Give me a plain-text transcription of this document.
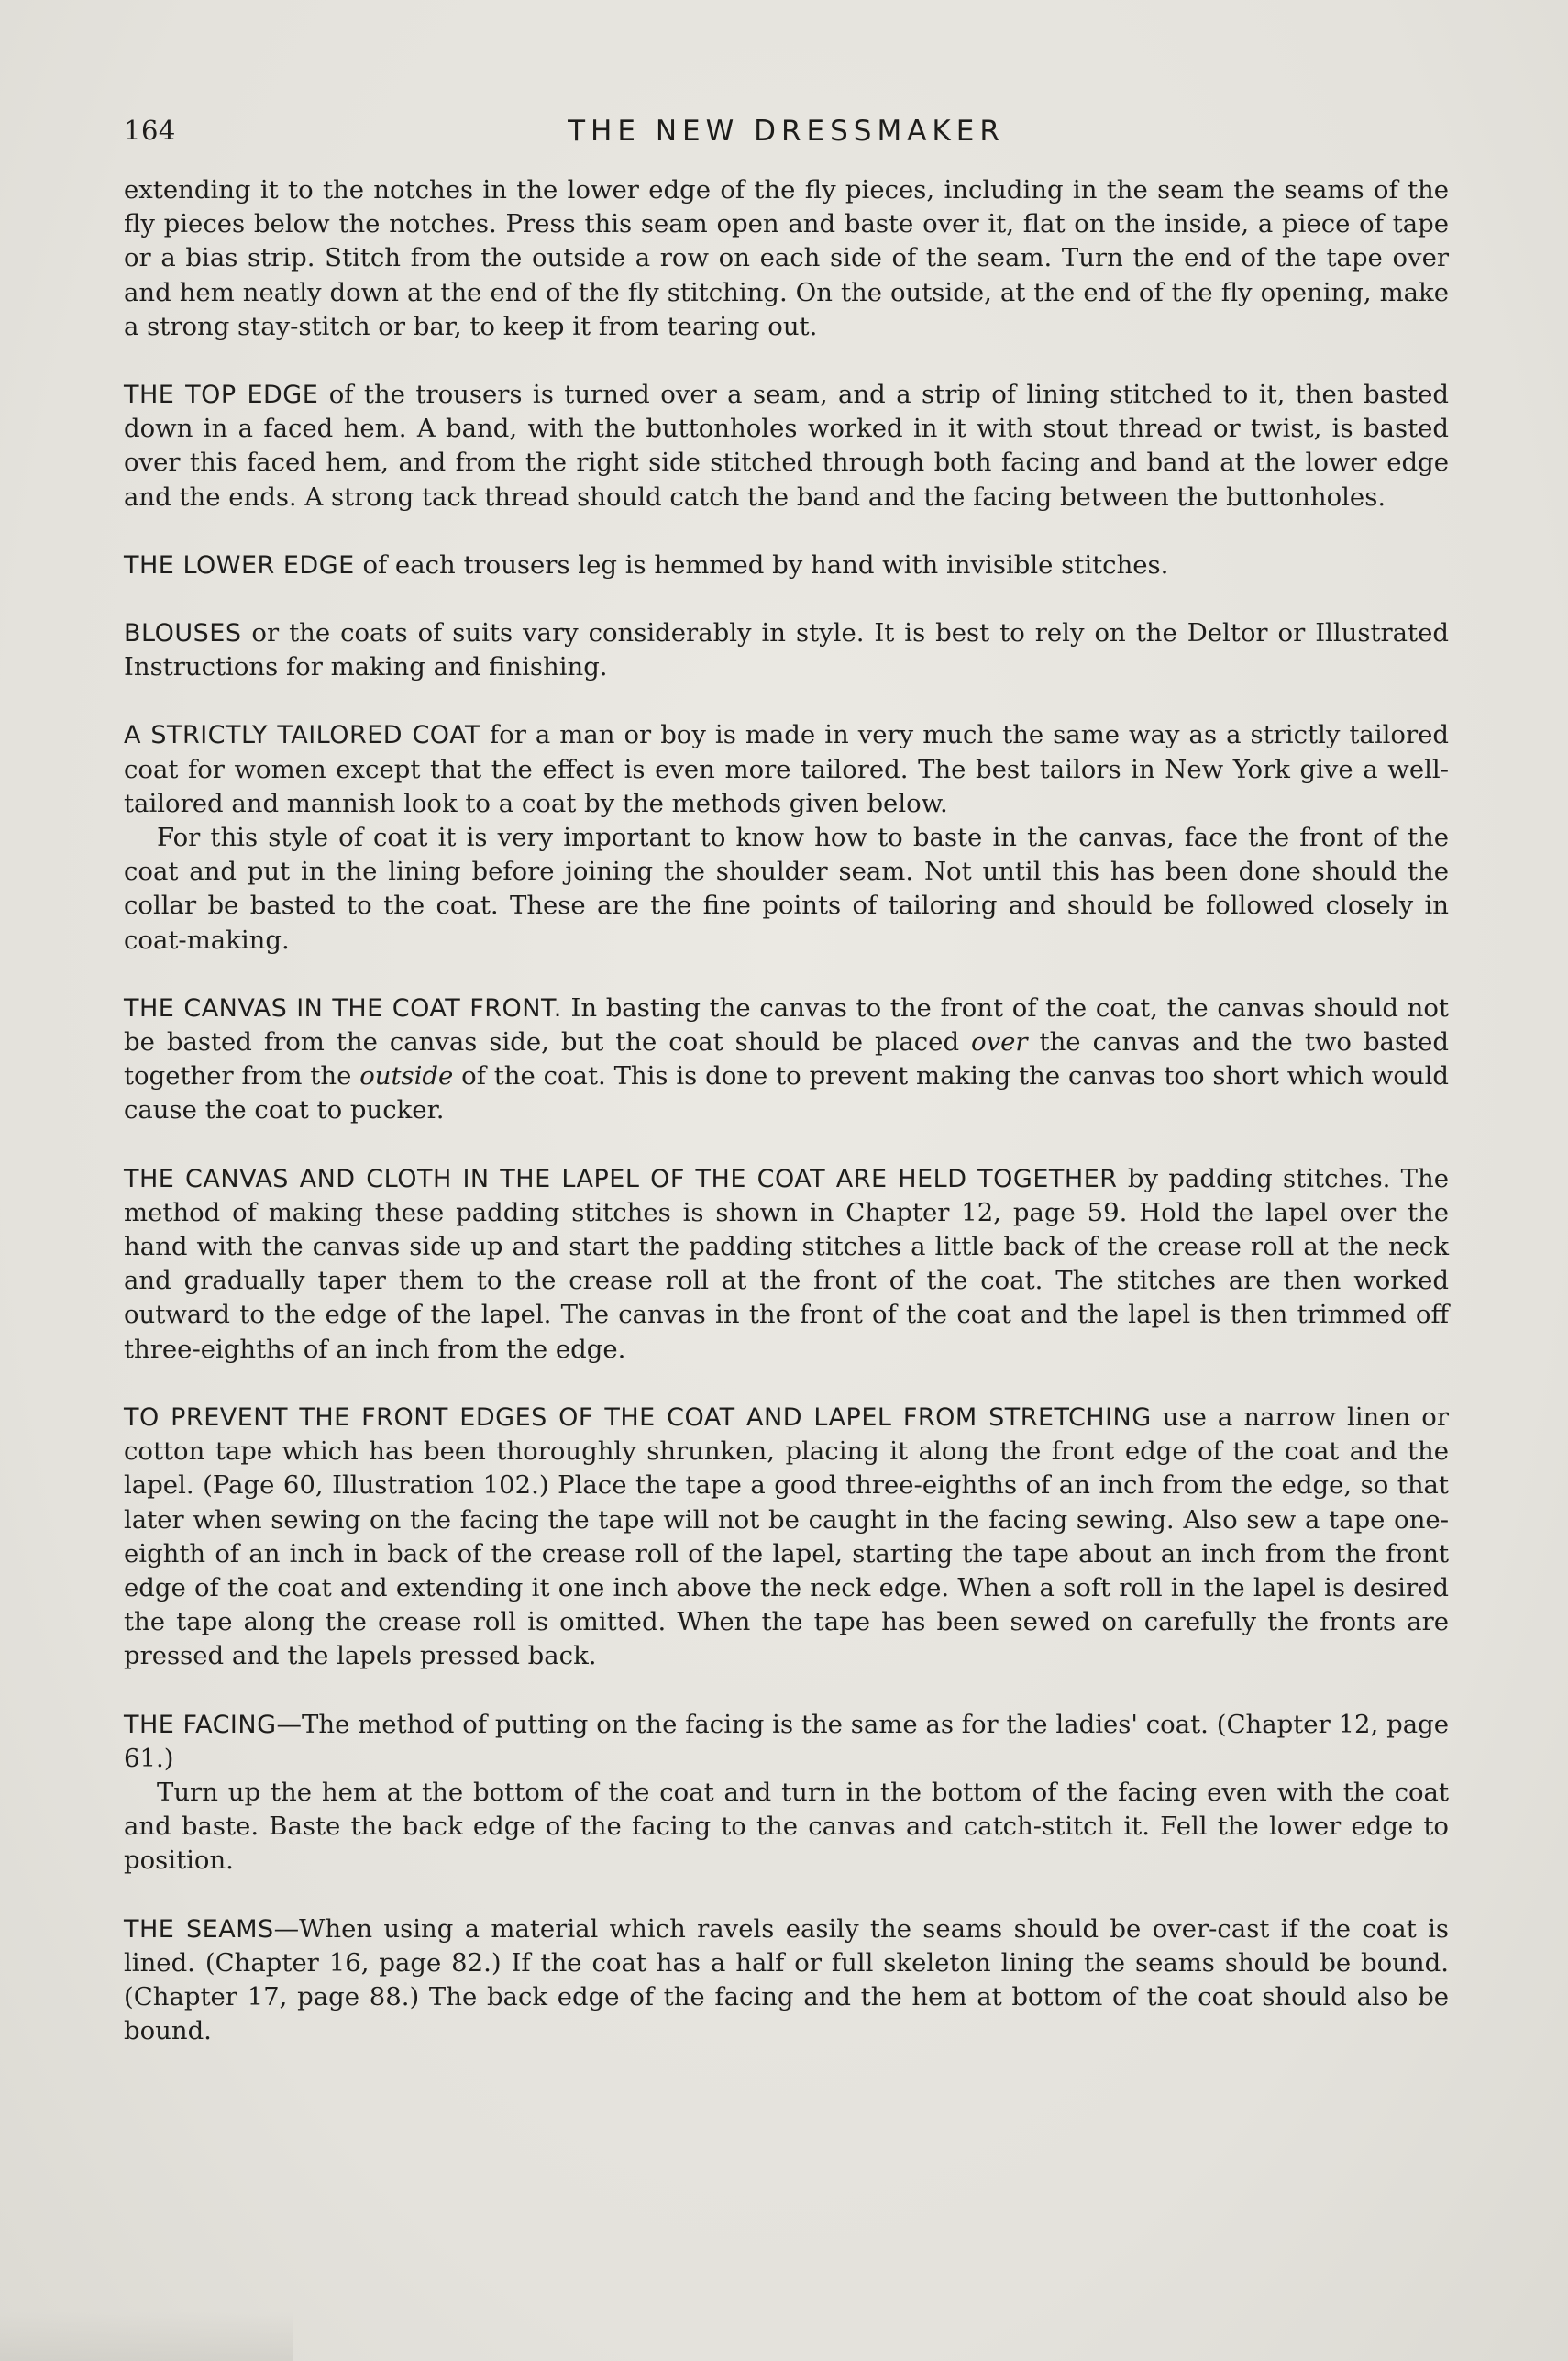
164	THE NEW DRESSMAKER

extending it to the notches in the lower edge of the fly pieces, including in the seam the seams of the fly pieces below the notches. Press this seam open and baste over it, flat on the inside, a piece of tape or a bias strip. Stitch from the outside a row on each side of the seam. Turn the end of the tape over and hem neatly down at the end of the fly stitching. On the outside, at the end of the fly opening, make a strong stay-stitch or bar, to keep it from tearing out.

THE TOP EDGE of the trousers is turned over a seam, and a strip of lining stitched to it, then basted down in a faced hem. A band, with the buttonholes worked in it with stout thread or twist, is basted over this faced hem, and from the right side stitched through both facing and band at the lower edge and the ends. A strong tack thread should catch the band and the facing between the buttonholes.

THE LOWER EDGE of each trousers leg is hemmed by hand with invisible stitches.

BLOUSES or the coats of suits vary considerably in style. It is best to rely on the Deltor or Illustrated Instructions for making and finishing.

A STRICTLY TAILORED COAT for a man or boy is made in very much the same way as a strictly tailored coat for women except that the effect is even more tailored. The best tailors in New York give a well-tailored and mannish look to a coat by the methods given below.

For this style of coat it is very important to know how to baste in the canvas, face the front of the coat and put in the lining before joining the shoulder seam. Not until this has been done should the collar be basted to the coat. These are the fine points of tailoring and should be followed closely in coat-making.

THE CANVAS IN THE COAT FRONT. In basting the canvas to the front of the coat, the canvas should not be basted from the canvas side, but the coat should be placed over the canvas and the two basted together from the outside of the coat. This is done to prevent making the canvas too short which would cause the coat to pucker.

THE CANVAS AND CLOTH IN THE LAPEL OF THE COAT ARE HELD TOGETHER by padding stitches. The method of making these padding stitches is shown in Chapter 12, page 59. Hold the lapel over the hand with the canvas side up and start the padding stitches a little back of the crease roll at the neck and gradually taper them to the crease roll at the front of the coat. The stitches are then worked outward to the edge of the lapel. The canvas in the front of the coat and the lapel is then trimmed off three-eighths of an inch from the edge.

TO PREVENT THE FRONT EDGES OF THE COAT AND LAPEL FROM STRETCHING use a narrow linen or cotton tape which has been thoroughly shrunken, placing it along the front edge of the coat and the lapel. (Page 60, Illustration 102.) Place the tape a good three-eighths of an inch from the edge, so that later when sewing on the facing the tape will not be caught in the facing sewing. Also sew a tape one-eighth of an inch in back of the crease roll of the lapel, starting the tape about an inch from the front edge of the coat and extending it one inch above the neck edge. When a soft roll in the lapel is desired the tape along the crease roll is omitted. When the tape has been sewed on carefully the fronts are pressed and the lapels pressed back.

THE FACING—The method of putting on the facing is the same as for the ladies' coat. (Chapter 12, page 61.)

Turn up the hem at the bottom of the coat and turn in the bottom of the facing even with the coat and baste. Baste the back edge of the facing to the canvas and catch-stitch it. Fell the lower edge to position.

THE SEAMS—When using a material which ravels easily the seams should be over-cast if the coat is lined. (Chapter 16, page 82.) If the coat has a half or full skeleton lining the seams should be bound. (Chapter 17, page 88.) The back edge of the facing and the hem at bottom of the coat should also be bound.
